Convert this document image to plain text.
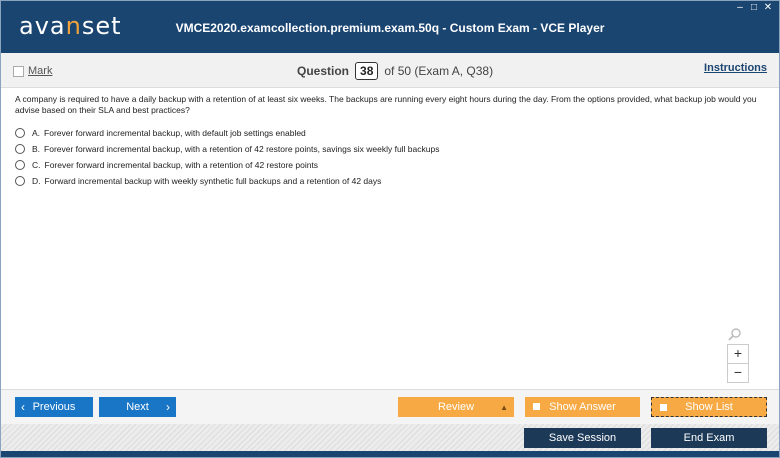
avanset	VMCE2020.examcollection.premium.exam.50q - Custom Exam - VCE Player
‒ □ ✕
Mark	Question 38 of 50 (Exam A, Q38)	Instructions
A company is required to have a daily backup with a retention of at least six weeks. The backups are running every eight hours during the day. From the options provided, what backup job would you advise based on their SLA and best practices?
A. Forever forward incremental backup, with default job settings enabled
B. Forever forward incremental backup, with a retention of 42 restore points, savings six weekly full backups
C. Forever forward incremental backup, with a retention of 42 restore points
D. Forward incremental backup with weekly synthetic full backups and a retention of 42 days
+
−
‹ Previous	Next ›	Review	▲	Show Answer	Show List
Save Session	End Exam
